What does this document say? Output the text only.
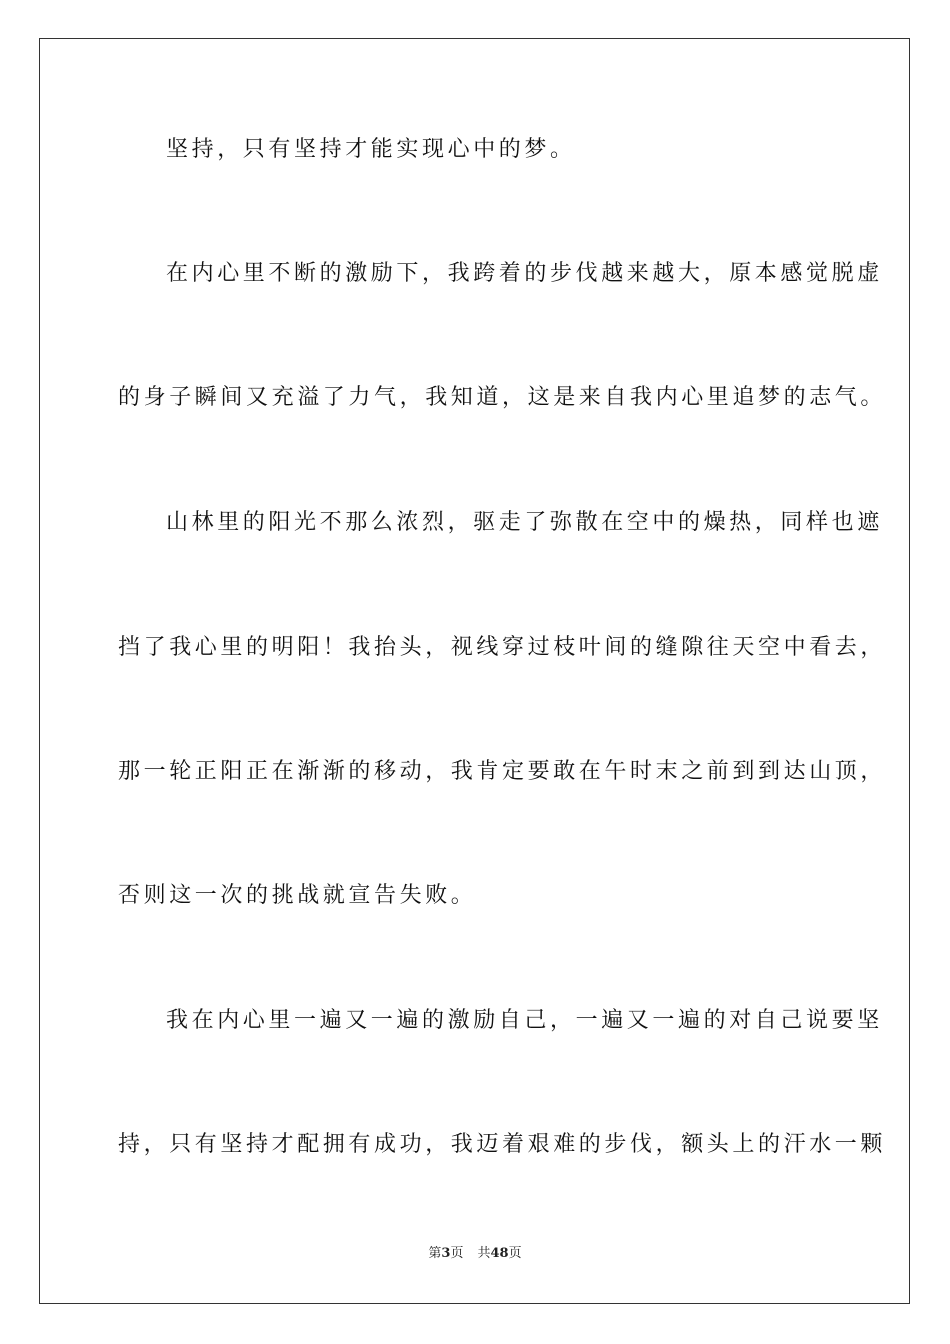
坚持，只有坚持才能实现心中的梦。
在内心里不断的激励下，我跨着的步伐越来越大，原本感觉脱虚
的身子瞬间又充溢了力气，我知道，这是来自我内心里追梦的志气。
山林里的阳光不那么浓烈，驱走了弥散在空中的燥热，同样也遮
挡了我心里的明阳！我抬头，视线穿过枝叶间的缝隙往天空中看去，
那一轮正阳正在渐渐的移动，我肯定要敢在午时末之前到到达山顶，
否则这一次的挑战就宣告失败。
我在内心里一遍又一遍的激励自己，一遍又一遍的对自己说要坚
持，只有坚持才配拥有成功，我迈着艰难的步伐，额头上的汗水一颗
第3页 共48页
